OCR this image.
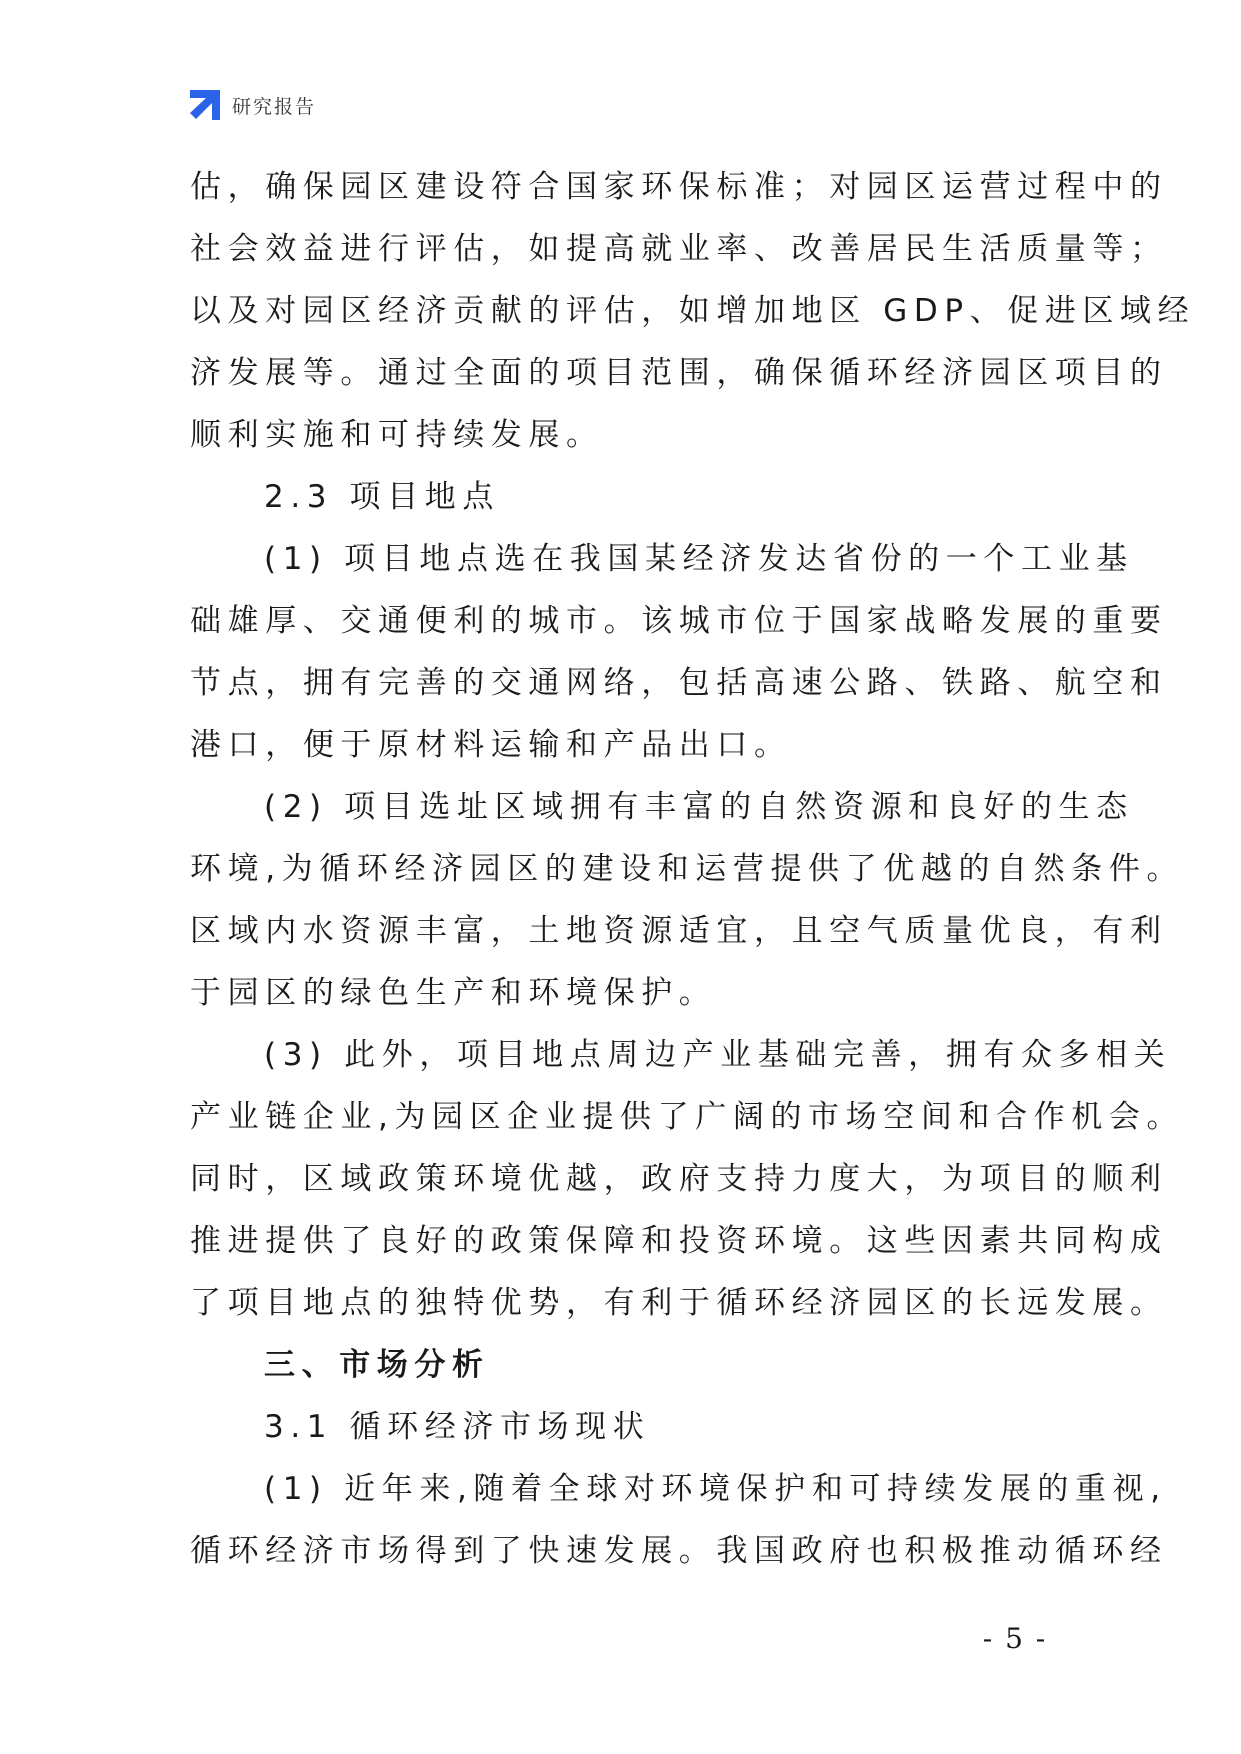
研究报告
估，确保园区建设符合国家环保标准；对园区运营过程中的
社会效益进行评估，如提高就业率、改善居民生活质量等；
以及对园区经济贡献的评估，如增加地区 GDP、促进区域经
济发展等。通过全面的项目范围，确保循环经济园区项目的
顺利实施和可持续发展。
2.3 项目地点
(1) 项目地点选在我国某经济发达省份的一个工业基
础雄厚、交通便利的城市。该城市位于国家战略发展的重要
节点，拥有完善的交通网络，包括高速公路、铁路、航空和
港口，便于原材料运输和产品出口。
(2) 项目选址区域拥有丰富的自然资源和良好的生态
环境,为循环经济园区的建设和运营提供了优越的自然条件。
区域内水资源丰富，土地资源适宜，且空气质量优良，有利
于园区的绿色生产和环境保护。
(3) 此外，项目地点周边产业基础完善，拥有众多相关
产业链企业,为园区企业提供了广阔的市场空间和合作机会。
同时，区域政策环境优越，政府支持力度大，为项目的顺利
推进提供了良好的政策保障和投资环境。这些因素共同构成
了项目地点的独特优势，有利于循环经济园区的长远发展。
三、市场分析
3.1 循环经济市场现状
(1) 近年来,随着全球对环境保护和可持续发展的重视,
循环经济市场得到了快速发展。我国政府也积极推动循环经
- 5 -
